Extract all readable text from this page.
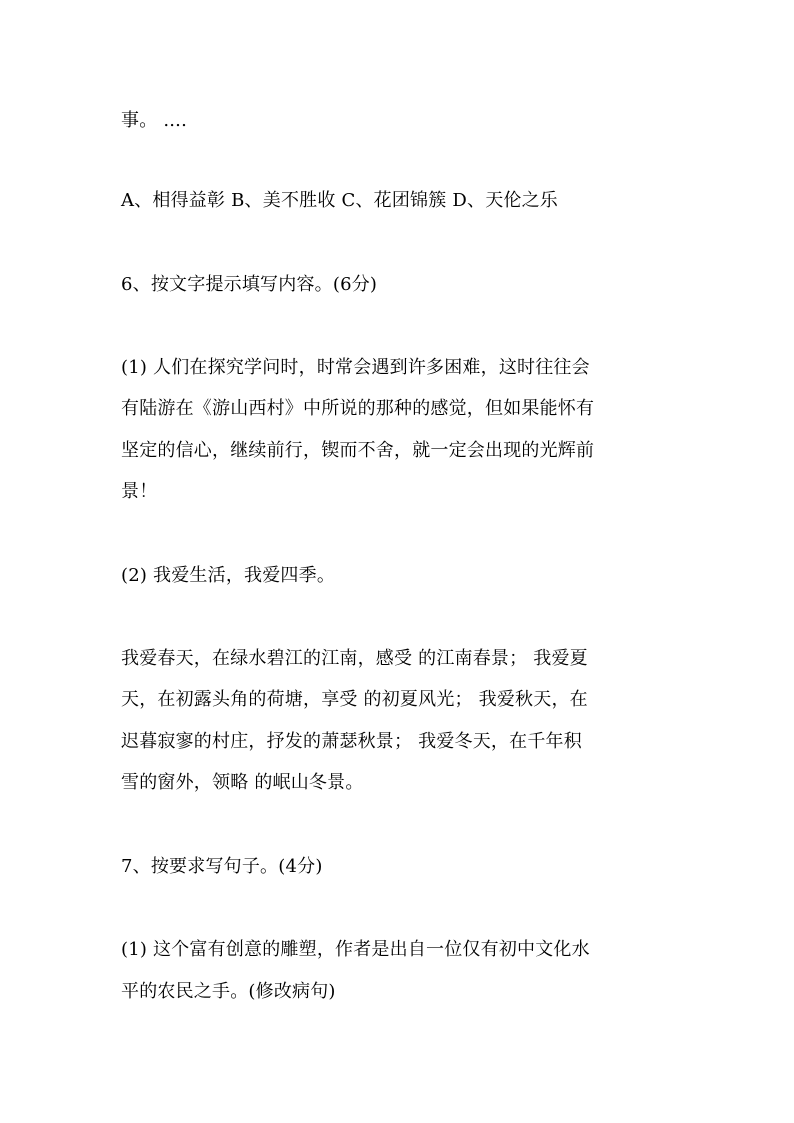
事。 ....
A、相得益彰 B、美不胜收 C、花团锦簇 D、天伦之乐
6、按文字提示填写内容。(6分)
(1) 人们在探究学问时，时常会遇到许多困难，这时往往会
有陆游在《游山西村》中所说的那种的感觉，但如果能怀有
坚定的信心，继续前行，锲而不舍，就一定会出现的光辉前
景！
(2) 我爱生活，我爱四季。
我爱春天，在绿水碧江的江南，感受 的江南春景； 我爱夏
天，在初露头角的荷塘，享受 的初夏风光； 我爱秋天，在
迟暮寂寥的村庄，抒发的萧瑟秋景； 我爱冬天，在千年积
雪的窗外，领略 的岷山冬景。
7、按要求写句子。(4分)
(1) 这个富有创意的雕塑，作者是出自一位仅有初中文化水
平的农民之手。(修改病句)
